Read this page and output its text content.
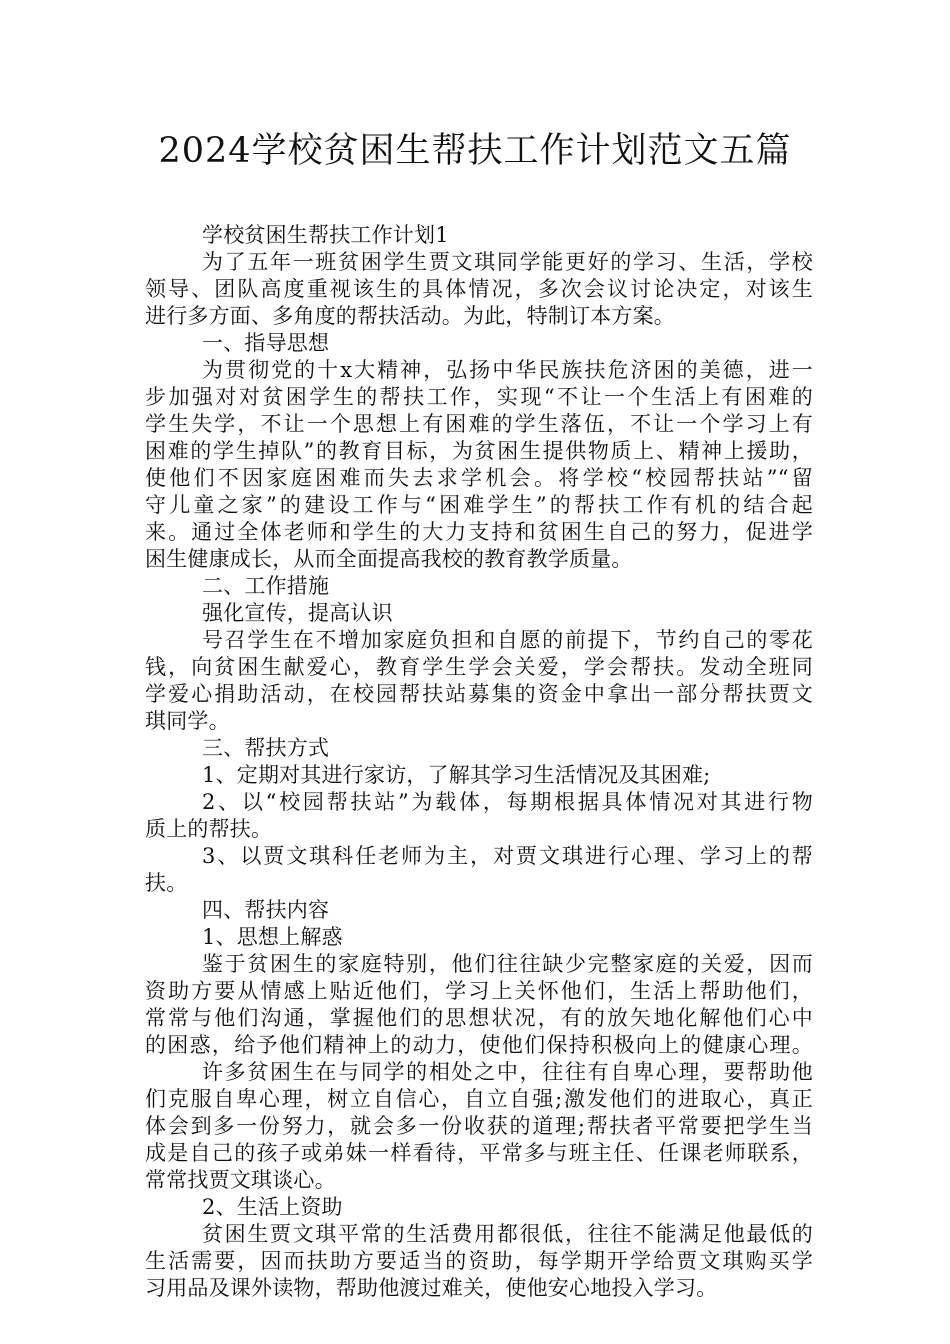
2024学校贫困生帮扶工作计划范文五篇
学校贫困生帮扶工作计划1
为了五年一班贫困学生贾文琪同学能更好的学习、生活，学校
领导、团队高度重视该生的具体情况，多次会议讨论决定，对该生
进行多方面、多角度的帮扶活动。为此，特制订本方案。
一、指导思想
为贯彻党的十x大精神，弘扬中华民族扶危济困的美德，进一
步加强对对贫困学生的帮扶工作，实现“不让一个生活上有困难的
学生失学，不让一个思想上有困难的学生落伍，不让一个学习上有
困难的学生掉队”的教育目标，为贫困生提供物质上、精神上援助，
使他们不因家庭困难而失去求学机会。将学校“校园帮扶站”“留
守儿童之家”的建设工作与“困难学生”的帮扶工作有机的结合起
来。通过全体老师和学生的大力支持和贫困生自己的努力，促进学
困生健康成长，从而全面提高我校的教育教学质量。
二、工作措施
强化宣传，提高认识
号召学生在不增加家庭负担和自愿的前提下，节约自己的零花
钱，向贫困生献爱心，教育学生学会关爱，学会帮扶。发动全班同
学爱心捐助活动，在校园帮扶站募集的资金中拿出一部分帮扶贾文
琪同学。
三、帮扶方式
1、定期对其进行家访，了解其学习生活情况及其困难;
2、以“校园帮扶站”为载体，每期根据具体情况对其进行物
质上的帮扶。
3、以贾文琪科任老师为主，对贾文琪进行心理、学习上的帮
扶。
四、帮扶内容
1、思想上解惑
鉴于贫困生的家庭特别，他们往往缺少完整家庭的关爱，因而
资助方要从情感上贴近他们，学习上关怀他们，生活上帮助他们，
常常与他们沟通，掌握他们的思想状况，有的放矢地化解他们心中
的困惑，给予他们精神上的动力，使他们保持积极向上的健康心理。
许多贫困生在与同学的相处之中，往往有自卑心理，要帮助他
们克服自卑心理，树立自信心，自立自强;激发他们的进取心，真正
体会到多一份努力，就会多一份收获的道理;帮扶者平常要把学生当
成是自己的孩子或弟妹一样看待，平常多与班主任、任课老师联系，
常常找贾文琪谈心。
2、生活上资助
贫困生贾文琪平常的生活费用都很低，往往不能满足他最低的
生活需要，因而扶助方要适当的资助，每学期开学给贾文琪购买学
习用品及课外读物，帮助他渡过难关，使他安心地投入学习。
